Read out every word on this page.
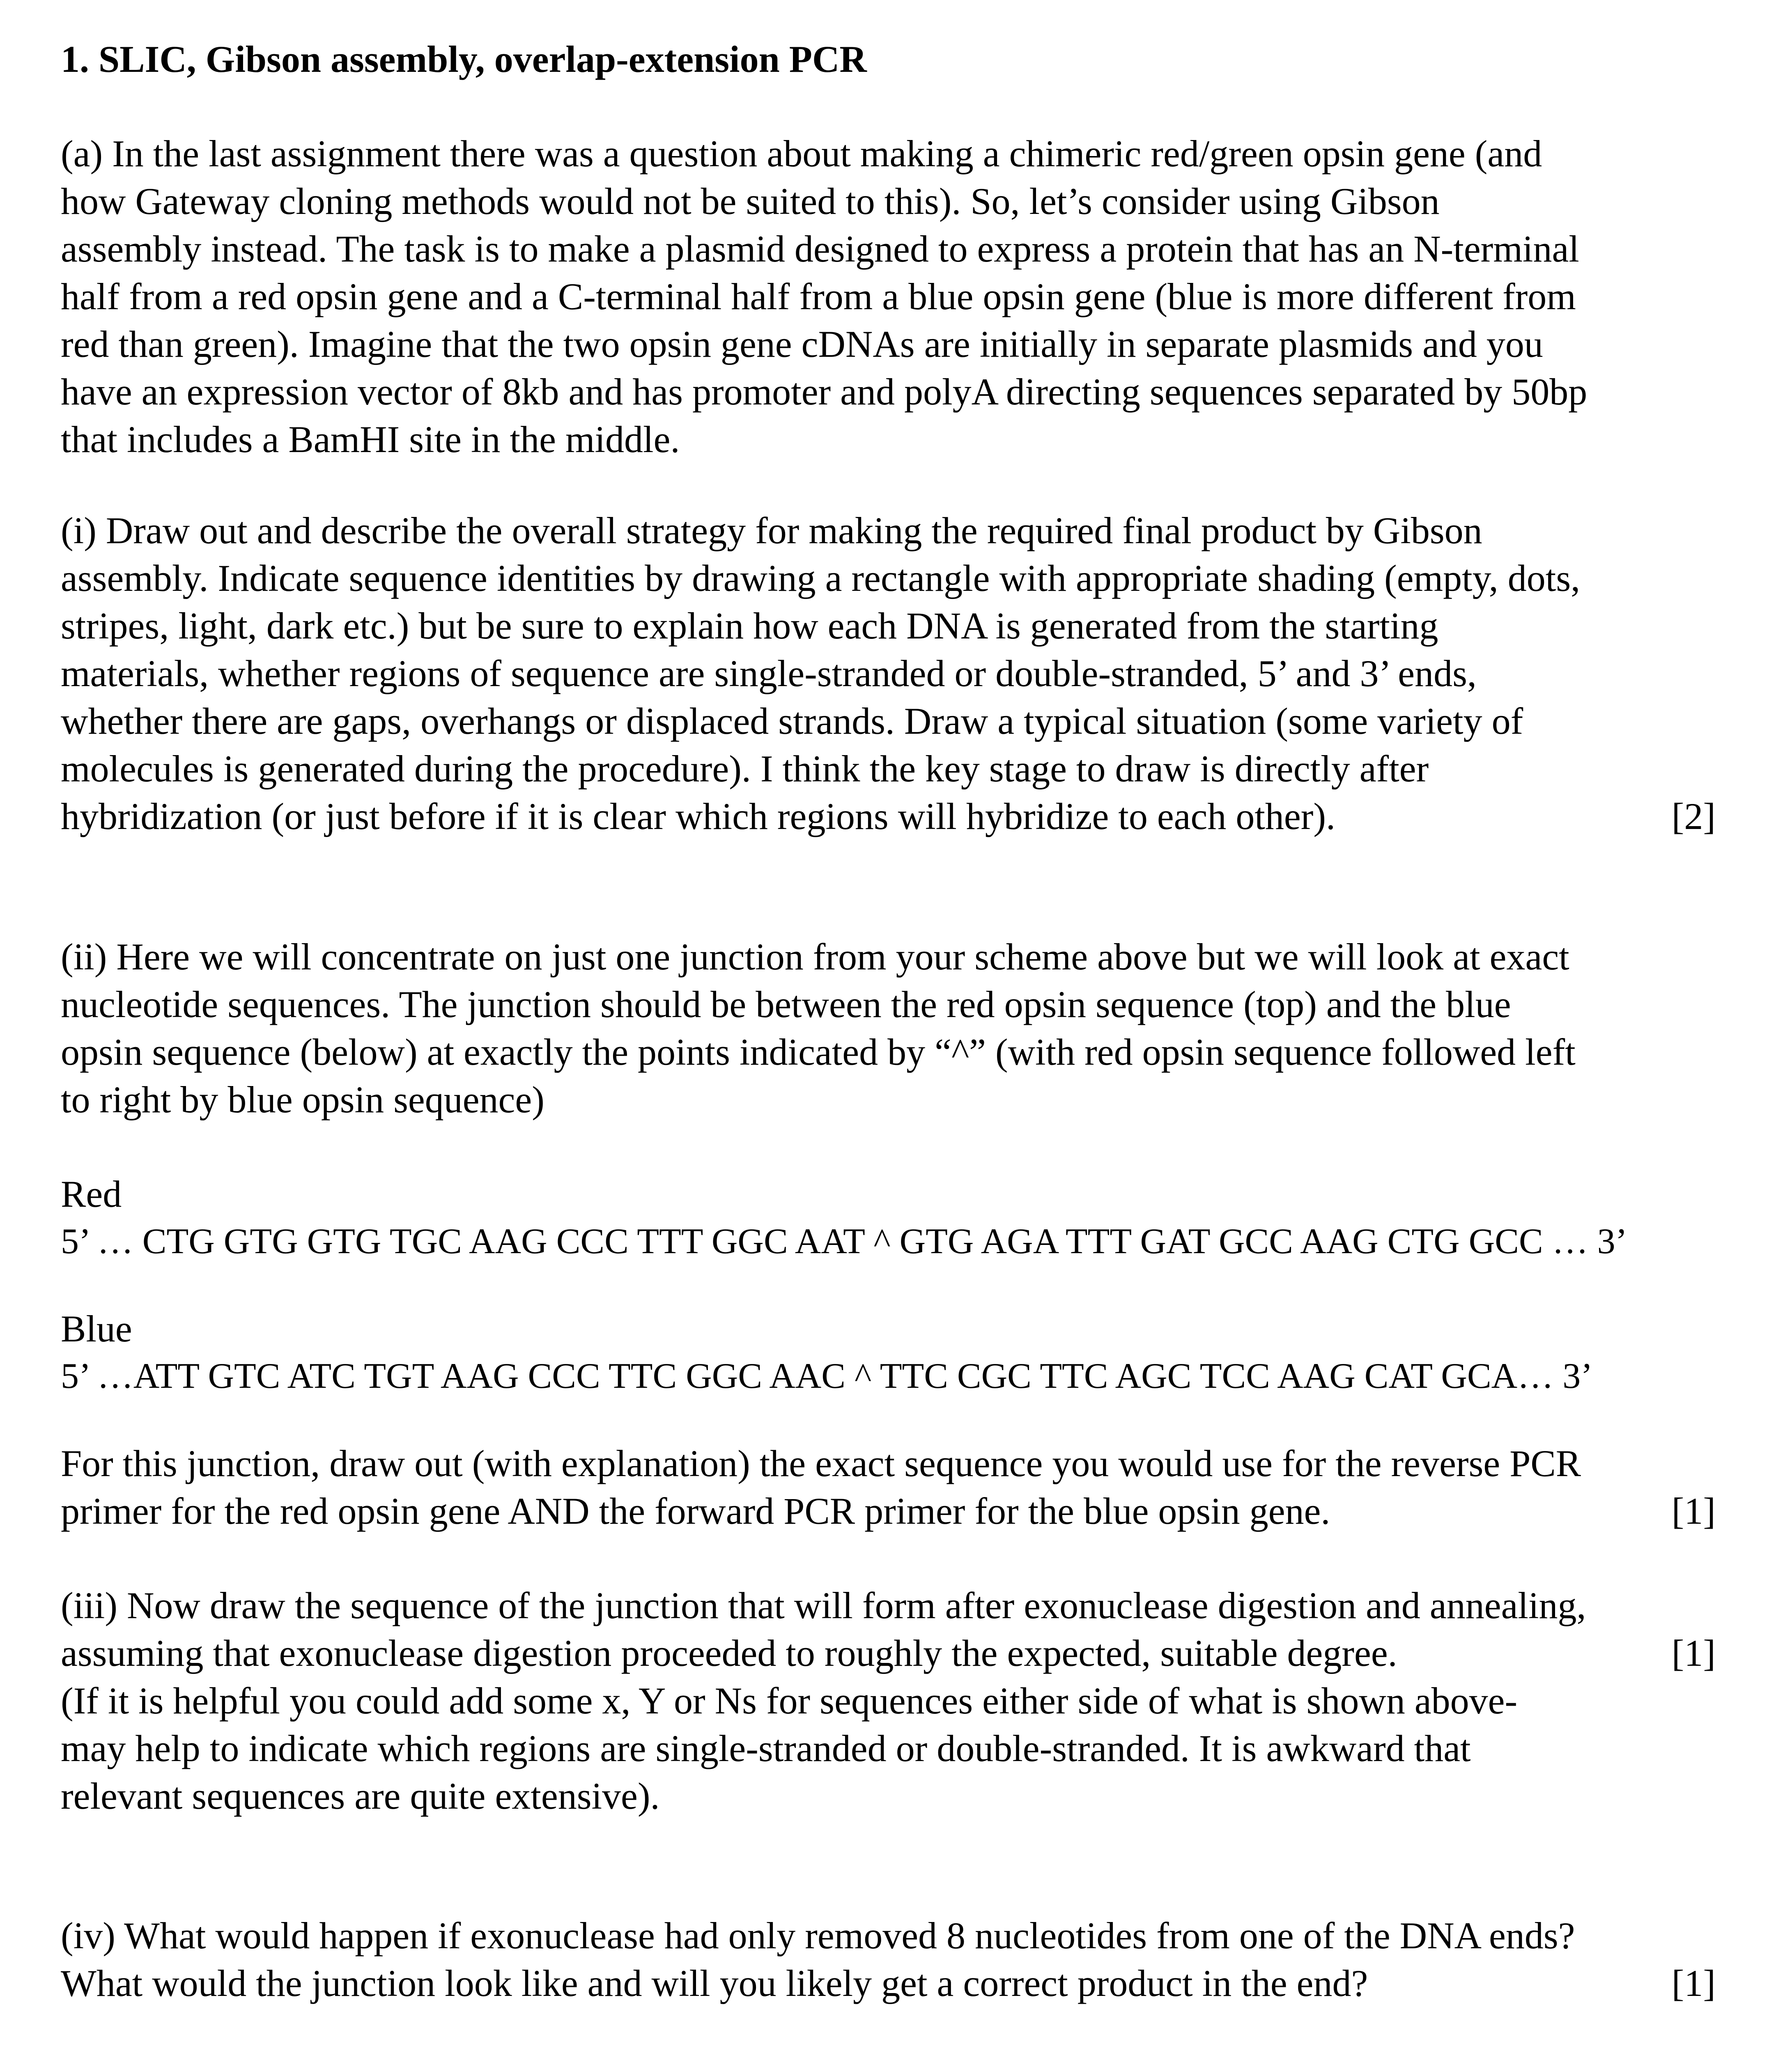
1. SLIC, Gibson assembly, overlap-extension PCR
(a) In the last assignment there was a question about making a chimeric red/green opsin gene (and
how Gateway cloning methods would not be suited to this). So, let’s consider using Gibson
assembly instead. The task is to make a plasmid designed to express a protein that has an N-terminal
half from a red opsin gene and a C-terminal half from a blue opsin gene (blue is more different from
red than green). Imagine that the two opsin gene cDNAs are initially in separate plasmids and you
have an expression vector of 8kb and has promoter and polyA directing sequences separated by 50bp
that includes a BamHI site in the middle.
(i) Draw out and describe the overall strategy for making the required final product by Gibson
assembly. Indicate sequence identities by drawing a rectangle with appropriate shading (empty, dots,
stripes, light, dark etc.) but be sure to explain how each DNA is generated from the starting
materials, whether regions of sequence are single-stranded or double-stranded, 5’ and 3’ ends,
whether there are gaps, overhangs or displaced strands. Draw a typical situation (some variety of
molecules is generated during the procedure). I think the key stage to draw is directly after
hybridization (or just before if it is clear which regions will hybridize to each other).	[2]
(ii) Here we will concentrate on just one junction from your scheme above but we will look at exact
nucleotide sequences. The junction should be between the red opsin sequence (top) and the blue
opsin sequence (below) at exactly the points indicated by “^” (with red opsin sequence followed left
to right by blue opsin sequence)
Red
5’ … CTG GTG GTG TGC AAG CCC TTT GGC AAT ^ GTG AGA TTT GAT GCC AAG CTG GCC … 3’
Blue
5’ …ATT GTC ATC TGT AAG CCC TTC GGC AAC ^ TTC CGC TTC AGC TCC AAG CAT GCA… 3’
For this junction, draw out (with explanation) the exact sequence you would use for the reverse PCR
primer for the red opsin gene AND the forward PCR primer for the blue opsin gene.	[1]
(iii) Now draw the sequence of the junction that will form after exonuclease digestion and annealing,
assuming that exonuclease digestion proceeded to roughly the expected, suitable degree.
(If it is helpful you could add some x, Y or Ns for sequences either side of what is shown above-
may help to indicate which regions are single-stranded or double-stranded. It is awkward that
relevant sequences are quite extensive).
[1]
(iv) What would happen if exonuclease had only removed 8 nucleotides from one of the DNA ends?
What would the junction look like and will you likely get a correct product in the end?	[1]
